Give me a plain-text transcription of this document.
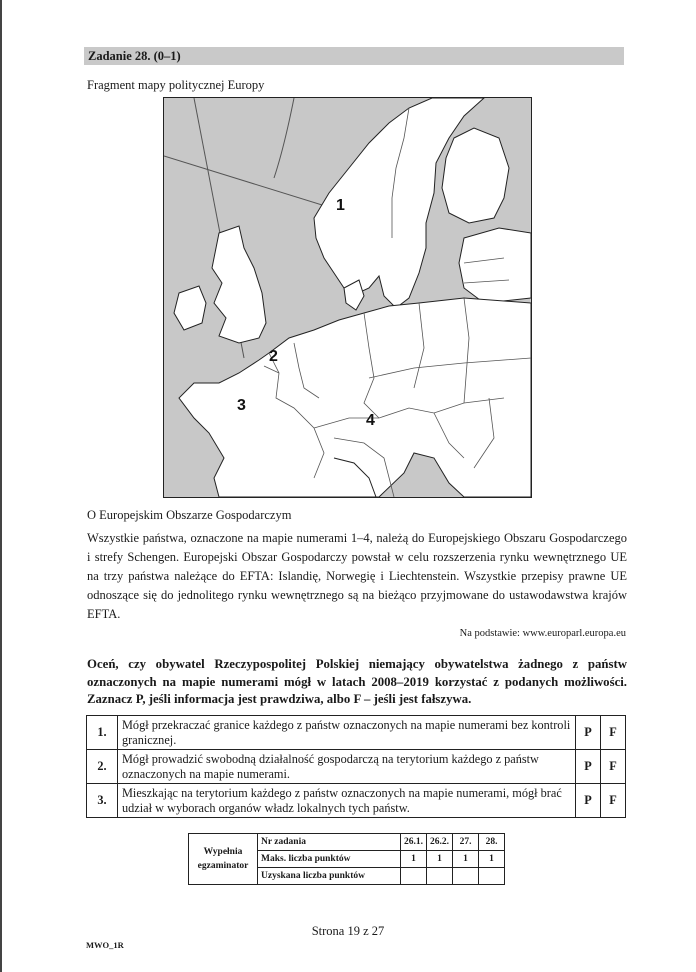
Zadanie 28. (0–1)
Fragment mapy politycznej Europy
1
2
3
4
O Europejskim Obszarze Gospodarczym

Wszystkie państwa, oznaczone na mapie numerami 1–4, należą do Europejskiego Obszaru Gospodarczego i strefy Schengen. Europejski Obszar Gospodarczy powstał w celu rozszerzenia rynku wewnętrznego UE na trzy państwa należące do EFTA: Islandię, Norwegię i Liechtenstein. Wszystkie przepisy prawne UE odnoszące się do jednolitego rynku wewnętrznego są na bieżąco przyjmowane do ustawodawstwa krajów EFTA.

Na podstawie: www.europarl.europa.eu

Oceń, czy obywatel Rzeczypospolitej Polskiej niemający obywatelstwa żadnego z państw oznaczonych na mapie numerami mógł w latach 2008–2019 korzystać z podanych możliwości. Zaznacz P, jeśli informacja jest prawdziwa, albo F – jeśli jest fałszywa.

1.	Mógł przekraczać granice każdego z państw oznaczonych na mapie numerami bez kontroli granicznej.	P	F
2.	Mógł prowadzić swobodną działalność gospodarczą na terytorium każdego z państw oznaczonych na mapie numerami.	P	F
3.	Mieszkając na terytorium każdego z państw oznaczonych na mapie numerami, mógł brać udział w wyborach organów władz lokalnych tych państw.	P	F
Wypełnia egzaminator	Nr zadania	26.1.	26.2.	27.	28.
	Maks. liczba punktów	1	1	1	1
	Uzyskana liczba punktów				
Strona 19 z 27
MWO_1R
